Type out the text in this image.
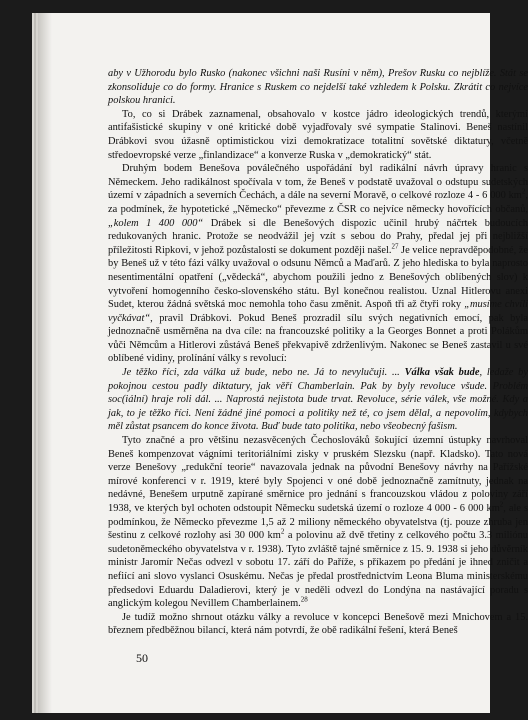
aby v Užhorodu bylo Rusko (nakonec všichni naši Rusíni v něm), Prešov Rusku co nejblíže. Stát se zkonsoliduje co do formy. Hranice s Ruskem co nejdelší také vzhledem k Polsku. Zkrátit co nejvíce polskou hranici.

To, co si Drábek zaznamenal, obsahovalo v kostce jádro ideologických trendů, kterými antifašistické skupiny v oné kritické době vyjadřovaly své sympatie Stalinovi. Beneš nastínil Drábkovi svou úžasně optimistickou vizi demokratizace totalitní sovětské diktatury, včetně středoevropské verze „finlandizace“ a konverze Ruska v „demokratický“ stát.

Druhým bodem Benešova poválečného uspořádání byl radikální návrh úpravy hranic s Německem. Jeho radikálnost spočívala v tom, že Beneš v podstatě uvažoval o odstupu sudetských území v západních a severních Čechách, a dále na severní Moravě, o celkové rozloze 4 - 6 000 $km^2$, za podmínek, že hypotetické „Německo“ převezme z ČSR co nejvíce německy hovořících občanů, „kolem 1 400 000“ Drábek si dle Benešových dispozic učinil hrubý náčrtek budoucích redukovaných hranic. Protože se neodvážil jej vzít s sebou do Prahy, předal jej při nejbližší příležitosti Ripkovi, v jehož pozůstalosti se dokument později našel.$^{27}$ Je velice nepravděpodobné, že by Beneš už v této fázi války uvažoval o odsunu Němců a Maďarů. Z jeho hlediska to byla naprosto nesentimentální opatření („vědecká“, abychom použili jedno z Benešových oblíbených slov) k vytvoření homogenního česko-slovenského státu. Byl konečnou realistou. Uznal Hitlerovu anexi Sudet, kterou žádná světská moc nemohla toho času změnit. Aspoň tři až čtyři roky „musíme chvíli vyčkávat“, pravil Drábkovi. Pokud Beneš prozradil sílu svých negativních emocí, pak byla jednoznačně usměrněna na dva cíle: na francouzské politiky a la Georges Bonnet a proti Polákům vůči Němcům a Hitlerovi zůstává Beneš překvapivě zdrženlivým. Nakonec se Beneš zastavil u své oblíbené vidiny, prolínání války s revolucí:

Je těžko říci, zda válka už bude, nebo ne. Já to nevylučuji. ... Válka však bude, ledaže by pokojnou cestou padly diktatury, jak věří Chamberlain. Pak by byly revoluce všude. Problém soc(iální) hraje roli dál. ... Naprostá nejistota bude trvat. Revoluce, série válek, vše možné. Kdy a jak, to je těžko říci. Není žádné jiné pomoci a politiky než té, co jsem dělal, a nepovolím, kdybych měl zůstat psancem do konce života. Buď bude tato politika, nebo všeobecný fašism.

Tyto značné a pro většinu nezasvěcených Čechoslováků šokující územní ústupky navrhoval Beneš kompenzovat vágními teritoriálními zisky v pruském Slezsku (např. Kladsko). Tato nová verze Benešovy „redukční teorie“ navazovala jednak na původní Benešovy návrhy na Pařížské mírové konferenci v r. 1919, které byly Spojenci v oné době jednoznačně zamítnuty, jednak na nedávné, Benešem urputně zapírané směrnice pro jednání s francouzskou vládou z poloviny září 1938, ve kterých byl ochoten odstoupit Německu sudetská území o rozloze 4 000 - 6 000 $km^2$, ale s podmínkou, že Německo převezme 1,5 až 2 miliony německého obyvatelstva (tj. pouze zhruba jen šestinu z celkové rozlohy asi 30 000 $km^2$ a polovinu až dvě třetiny z celkového počtu 3.3 miliónu sudetoněmeckého obyvatelstva v r. 1938). Tyto zvláště tajné směrnice z 15. 9. 1938 si jeho důvěrník ministr Jaromír Nečas odvezl v sobotu 17. září do Paříže, s příkazem po předání je ihned zničit a nefiící ani slovo vyslanci Osuskému. Nečas je předal prostřednictvím Leona Bluma ministerskému předsedovi Eduardu Daladierovi, který je v neděli odvezl do Londýna na nastávající poradu s anglickým kolegou Nevillem Chamberlainem.$^{28}$

Je tudíž možno shrnout otázku války a revoluce v koncepci Benešově mezi Mnichovem a 15. březnem předběžnou bilancí, která nám potvrdí, že obě radikální řešení, která Beneš

50
